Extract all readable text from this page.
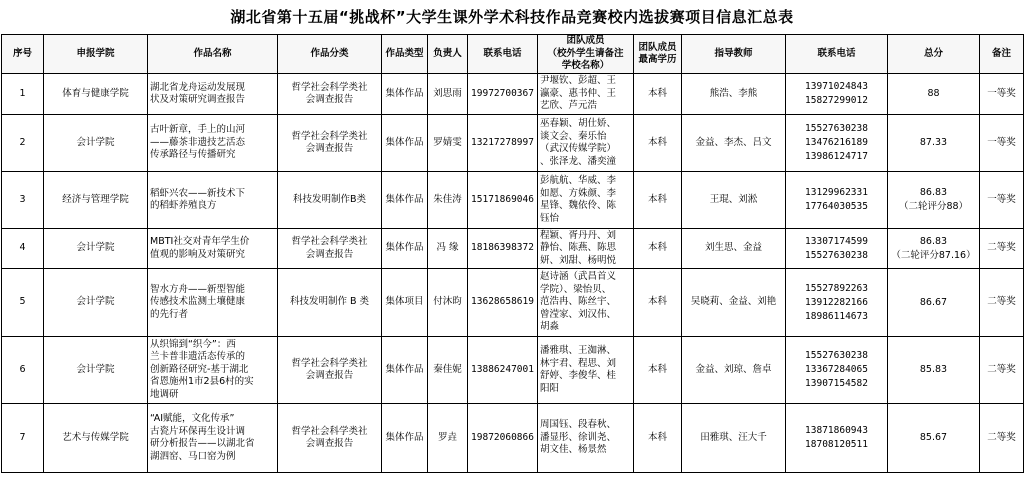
湖北省第十五届“挑战杯”大学生课外学术科技作品竞赛校内选拔赛项目信息汇总表
序号	申报学院	作品名称	作品分类	作品类型	负责人	联系电话	团队成员
（校外学生请备注
学校名称）	团队成员
最高学历	指导教师	联系电话	总分	备注
1	体育与健康学院	湖北省龙舟运动发展现
状及对策研究调查报告	哲学社会科学类社
会调查报告	集体作品	刘思雨	19972700367	尹堰钦、彭超、王
瀛豪、惠书仲、王
艺欣、芦元浩	本科	熊浩、李熊	13971024843
15827299012	88	一等奖
2	会计学院	古叶新章，手上的山河
——藤茶非遗技艺活态
传承路径与传播研究	哲学社会科学类社
会调查报告	集体作品	罗婧雯	13217278997	巫春颖、胡仕娇、
谈文会、秦乐怡
（武汉传媒学院）
、张泽龙、潘奕潼	本科	金益、李杰、吕文	15527630238
13476216189
13986124717	87.33	一等奖
3	经济与管理学院	稻虾兴农——新技术下
的稻虾养殖良方	科技发明制作B类	集体作品	朱佳涛	15171869046	彭航航、华威、李
如愿、方姝颜、李
星锋、魏依伶、陈
钰怡	本科	王琨、刘淞	13129962331
17764030535	86.83
（二轮评分88）	一等奖
4	会计学院	MBTI社交对青年学生价
值观的影响及对策研究	哲学社会科学类社
会调查报告	集体作品	冯 缘	18186398372	程颖、胥丹丹、刘
静怡、陈燕、陈思
妍、刘甜、杨明悦	本科	刘生思、金益	13307174599
15527630238	86.83
（二轮评分87.16）	二等奖
5	会计学院	智水方舟——新型智能
传感技术监测土壤健康
的先行者	科技发明制作 B 类	集体项目	付沐昀	13628658619	赵诗涵（武昌首义
学院）、梁怡贝、
范浩冉、陈丝宇、
曾滢家、刘汉伟、
胡淼	本科	吴晓莉、金益、刘艳	15527892263
13912282166
18986114673	86.67	二等奖
6	会计学院	从织锦到“织今”：西
兰卡普非遗活态传承的
创新路径研究-基于湖北
省恩施州1市2县6村的实
地调研	哲学社会科学类社
会调查报告	集体作品	秦佳妮	13886247001	潘雅琪、王洳淋、
林宇君、程思、刘
舒婷、李俊华、桂
阳阳	本科	金益、刘琼、詹卓	15527630238
13367284065
13907154582	85.83	二等奖
7	艺术与传媒学院	“AI赋能，文化传承”
古瓷片环保再生设计调
研分析报告——以湖北省
湖泗窑、马口窑为例	哲学社会科学类社
会调查报告	集体作品	罗垚	19872060866	周国钰、段春秋、
潘显彤、徐训尧、
胡文佳、杨景然	本科	田雅琪、汪大千	13871860943
18708120511	85.67	二等奖
